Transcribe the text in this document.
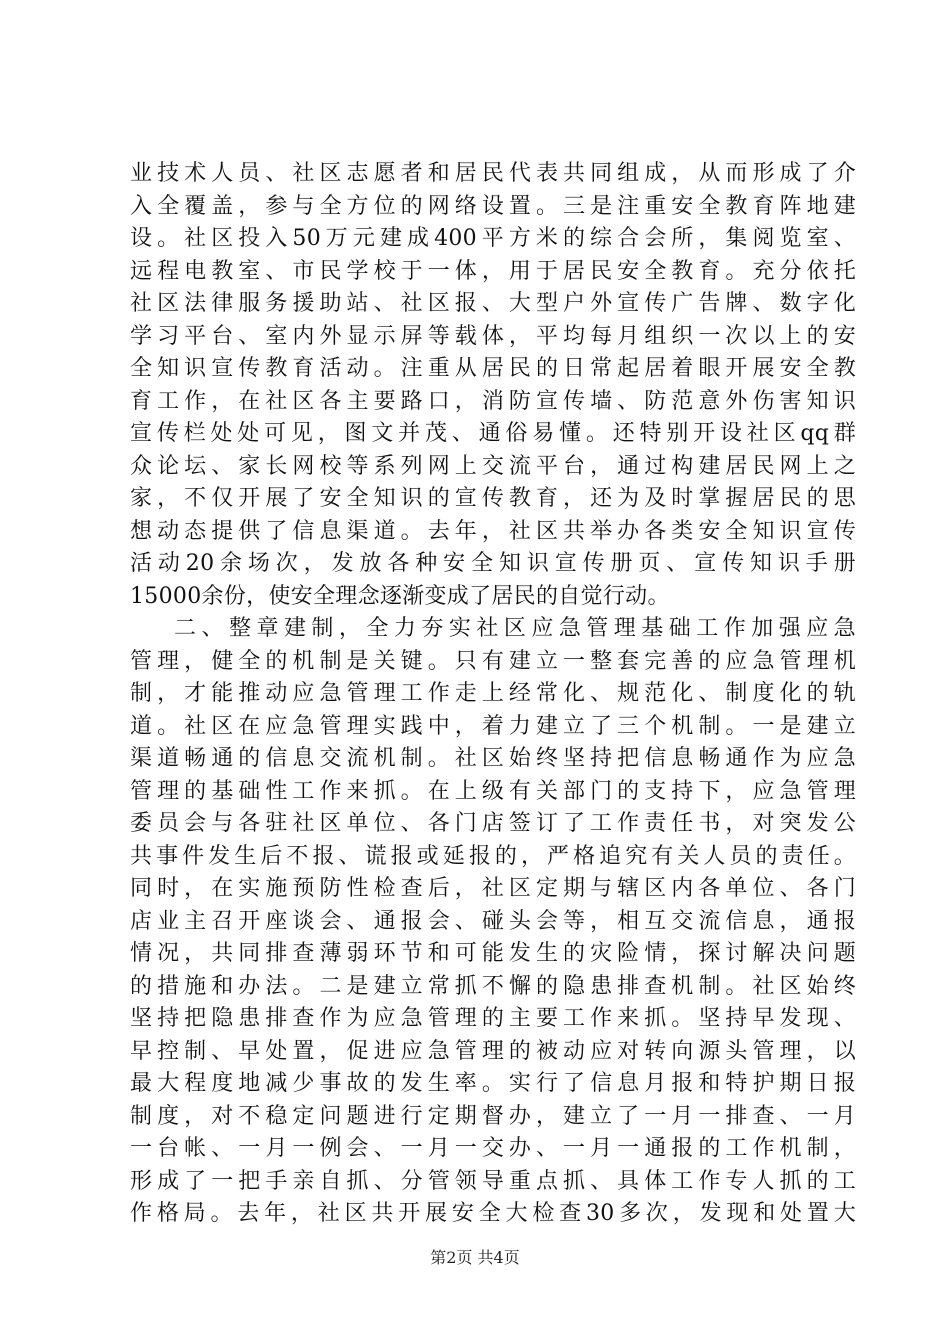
业技术人员、社区志愿者和居民代表共同组成，从而形成了介
入全覆盖，参与全方位的网络设置。三是注重安全教育阵地建
设。社区投入50万元建成400平方米的综合会所，集阅览室、
远程电教室、市民学校于一体，用于居民安全教育。充分依托
社区法律服务援助站、社区报、大型户外宣传广告牌、数字化
学习平台、室内外显示屏等载体，平均每月组织一次以上的安
全知识宣传教育活动。注重从居民的日常起居着眼开展安全教
育工作，在社区各主要路口，消防宣传墙、防范意外伤害知识
宣传栏处处可见，图文并茂、通俗易懂。还特别开设社区qq群
众论坛、家长网校等系列网上交流平台，通过构建居民网上之
家，不仅开展了安全知识的宣传教育，还为及时掌握居民的思
想动态提供了信息渠道。去年，社区共举办各类安全知识宣传
活动20余场次，发放各种安全知识宣传册页、宣传知识手册
15000余份，使安全理念逐渐变成了居民的自觉行动。
二、整章建制，全力夯实社区应急管理基础工作加强应急
管理，健全的机制是关键。只有建立一整套完善的应急管理机
制，才能推动应急管理工作走上经常化、规范化、制度化的轨
道。社区在应急管理实践中，着力建立了三个机制。一是建立
渠道畅通的信息交流机制。社区始终坚持把信息畅通作为应急
管理的基础性工作来抓。在上级有关部门的支持下，应急管理
委员会与各驻社区单位、各门店签订了工作责任书，对突发公
共事件发生后不报、谎报或延报的，严格追究有关人员的责任。
同时，在实施预防性检查后，社区定期与辖区内各单位、各门
店业主召开座谈会、通报会、碰头会等，相互交流信息，通报
情况，共同排查薄弱环节和可能发生的灾险情，探讨解决问题
的措施和办法。二是建立常抓不懈的隐患排查机制。社区始终
坚持把隐患排查作为应急管理的主要工作来抓。坚持早发现、
早控制、早处置，促进应急管理的被动应对转向源头管理，以
最大程度地减少事故的发生率。实行了信息月报和特护期日报
制度，对不稳定问题进行定期督办，建立了一月一排查、一月
一台帐、一月一例会、一月一交办、一月一通报的工作机制，
形成了一把手亲自抓、分管领导重点抓、具体工作专人抓的工
作格局。去年，社区共开展安全大检查30多次，发现和处置大
第2页 共4页
